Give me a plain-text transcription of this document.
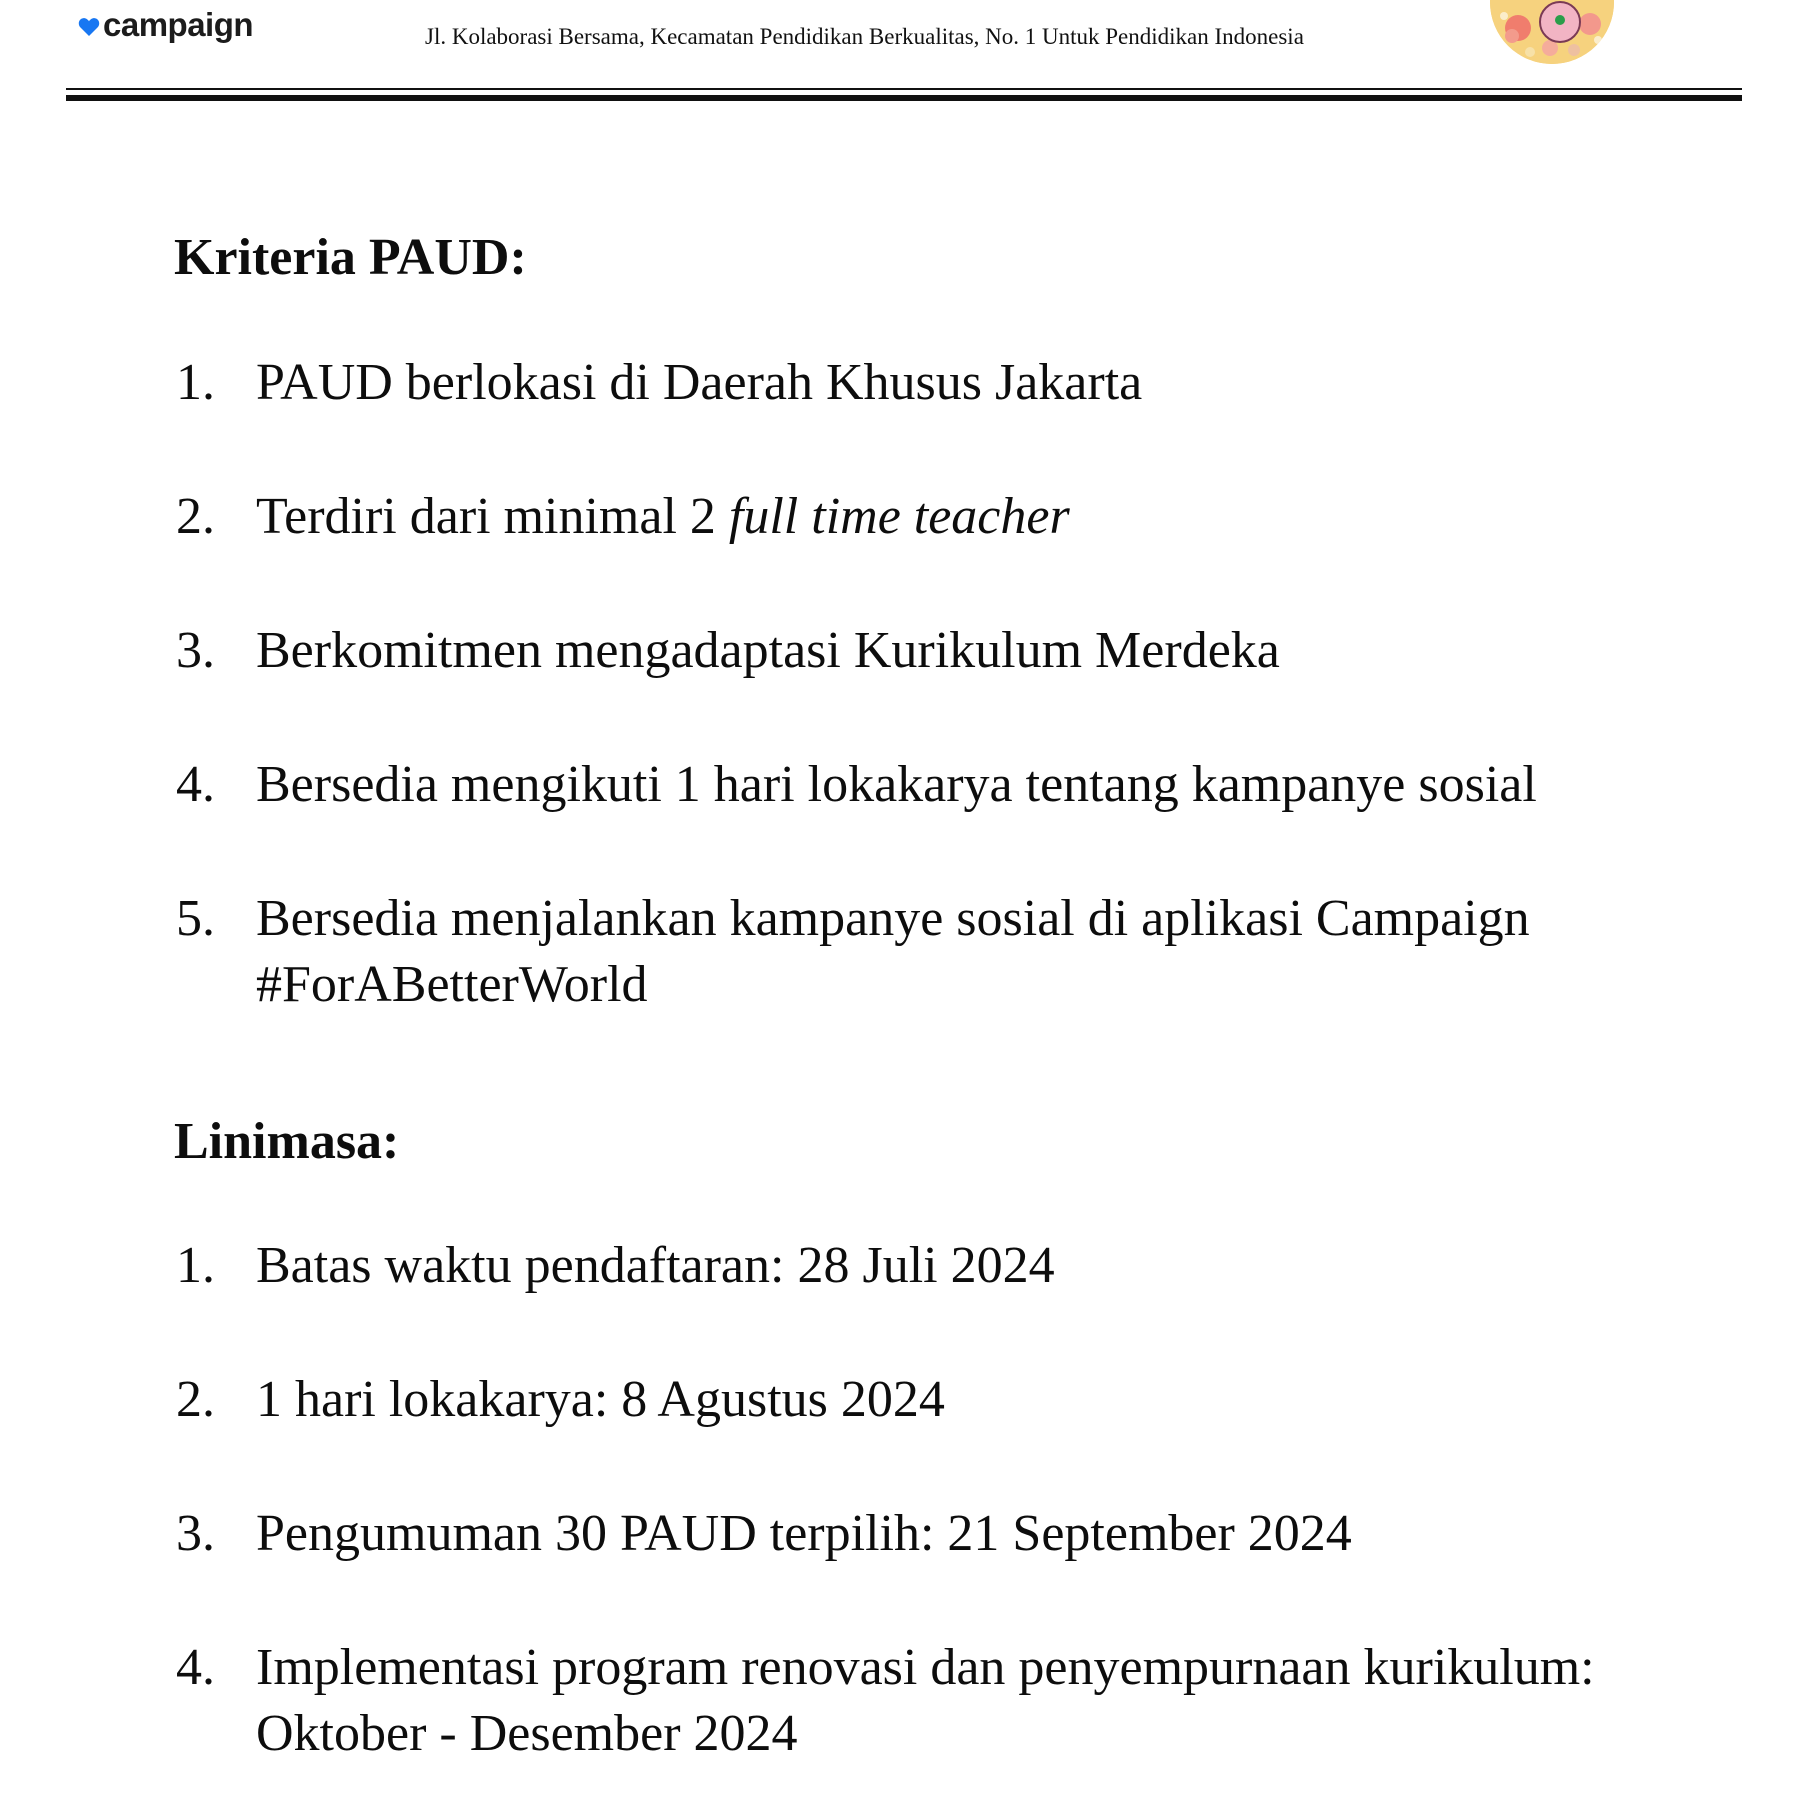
campaign	Jl. Kolaborasi Bersama, Kecamatan Pendidikan Berkualitas, No. 1 Untuk Pendidikan Indonesia
Kriteria PAUD:
1. PAUD berlokasi di Daerah Khusus Jakarta
2. Terdiri dari minimal 2 full time teacher
3. Berkomitmen mengadaptasi Kurikulum Merdeka
4. Bersedia mengikuti 1 hari lokakarya tentang kampanye sosial
5. Bersedia menjalankan kampanye sosial di aplikasi Campaign #ForABetterWorld
Linimasa:
1. Batas waktu pendaftaran: 28 Juli 2024
2. 1 hari lokakarya: 8 Agustus 2024
3. Pengumuman 30 PAUD terpilih: 21 September 2024
4. Implementasi program renovasi dan penyempurnaan kurikulum: Oktober - Desember 2024
